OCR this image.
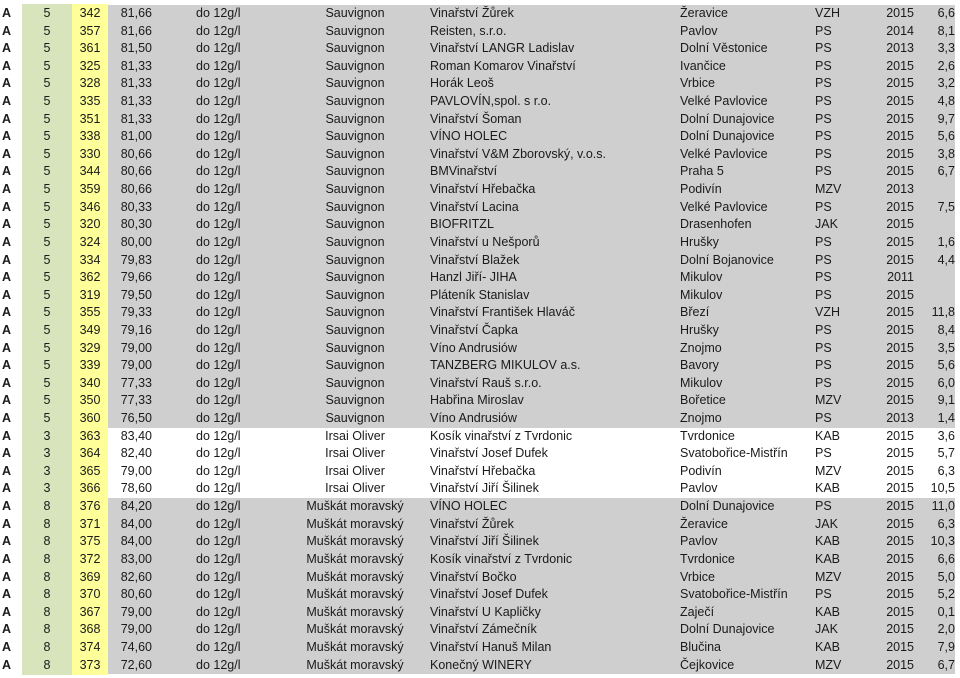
A	5	342	81,66	do 12g/l	Sauvignon	Vinařství Žůrek	Žeravice	VZH	2015	6,6
A	5	357	81,66	do 12g/l	Sauvignon	Reisten, s.r.o.	Pavlov	PS	2014	8,1
A	5	361	81,50	do 12g/l	Sauvignon	Vinařství LANGR Ladislav	Dolní Věstonice	PS	2013	3,3
A	5	325	81,33	do 12g/l	Sauvignon	Roman Komarov Vinařství	Ivančice	PS	2015	2,6
A	5	328	81,33	do 12g/l	Sauvignon	Horák Leoš	Vrbice	PS	2015	3,2
A	5	335	81,33	do 12g/l	Sauvignon	PAVLOVÍN,spol. s r.o.	Velké Pavlovice	PS	2015	4,8
A	5	351	81,33	do 12g/l	Sauvignon	Vinařství Šoman	Dolní Dunajovice	PS	2015	9,7
A	5	338	81,00	do 12g/l	Sauvignon	VÍNO HOLEC	Dolní Dunajovice	PS	2015	5,6
A	5	330	80,66	do 12g/l	Sauvignon	Vinařství V&M Zborovský, v.o.s.	Velké Pavlovice	PS	2015	3,8
A	5	344	80,66	do 12g/l	Sauvignon	BMVinařství	Praha 5	PS	2015	6,7
A	5	359	80,66	do 12g/l	Sauvignon	Vinařství Hřebačka	Podivín	MZV	2013
A	5	346	80,33	do 12g/l	Sauvignon	Vinařství Lacina	Velké Pavlovice	PS	2015	7,5
A	5	320	80,30	do 12g/l	Sauvignon	BIOFRITZL	Drasenhofen	JAK	2015
A	5	324	80,00	do 12g/l	Sauvignon	Vinařství u Nešporů	Hrušky	PS	2015	1,6
A	5	334	79,83	do 12g/l	Sauvignon	Vinařství Blažek	Dolní Bojanovice	PS	2015	4,4
A	5	362	79,66	do 12g/l	Sauvignon	Hanzl Jiří- JIHA	Mikulov	PS	2011
A	5	319	79,50	do 12g/l	Sauvignon	Pláteník Stanislav	Mikulov	PS	2015
A	5	355	79,33	do 12g/l	Sauvignon	Vinařství František Hlaváč	Březí	VZH	2015	11,8
A	5	349	79,16	do 12g/l	Sauvignon	Vinařství Čapka	Hrušky	PS	2015	8,4
A	5	329	79,00	do 12g/l	Sauvignon	Víno Andrusiów	Znojmo	PS	2015	3,5
A	5	339	79,00	do 12g/l	Sauvignon	TANZBERG MIKULOV a.s.	Bavory	PS	2015	5,6
A	5	340	77,33	do 12g/l	Sauvignon	Vinařství Rauš s.r.o.	Mikulov	PS	2015	6,0
A	5	350	77,33	do 12g/l	Sauvignon	Habřina Miroslav	Bořetice	MZV	2015	9,1
A	5	360	76,50	do 12g/l	Sauvignon	Víno Andrusiów	Znojmo	PS	2013	1,4
A	3	363	83,40	do 12g/l	Irsai Oliver	Kosík vinařství z Tvrdonic	Tvrdonice	KAB	2015	3,6
A	3	364	82,40	do 12g/l	Irsai Oliver	Vinařství Josef Dufek	Svatobořice-Mistřín PS	2015	5,7
A	3	365	79,00	do 12g/l	Irsai Oliver	Vinařství Hřebačka	Podivín	MZV	2015	6,3
A	3	366	78,60	do 12g/l	Irsai Oliver	Vinařství Jiří Šilinek	Pavlov	KAB	2015	10,5
A	8	376	84,20	do 12g/l	Muškát moravský	VÍNO HOLEC	Dolní Dunajovice	PS	2015	11,0
A	8	371	84,00	do 12g/l	Muškát moravský	Vinařství Žůrek	Žeravice	JAK	2015	6,3
A	8	375	84,00	do 12g/l	Muškát moravský	Vinařství Jiří Šilinek	Pavlov	KAB	2015	10,3
A	8	372	83,00	do 12g/l	Muškát moravský	Kosík vinařství z Tvrdonic	Tvrdonice	KAB	2015	6,6
A	8	369	82,60	do 12g/l	Muškát moravský	Vinařství Bočko	Vrbice	MZV	2015	5,0
A	8	370	80,60	do 12g/l	Muškát moravský	Vinařství Josef Dufek	Svatobořice-Mistřín PS	2015	5,2
A	8	367	79,00	do 12g/l	Muškát moravský	Vinařství U Kapličky	Zaječí	KAB	2015	0,1
A	8	368	79,00	do 12g/l	Muškát moravský	Vinařství Zámečník	Dolní Dunajovice	JAK	2015	2,0
A	8	374	74,60	do 12g/l	Muškát moravský	Vinařství Hanuš Milan	Blučina	KAB	2015	7,9
A	8	373	72,60	do 12g/l	Muškát moravský	Konečný WINERY	Čejkovice	MZV	2015	6,7
